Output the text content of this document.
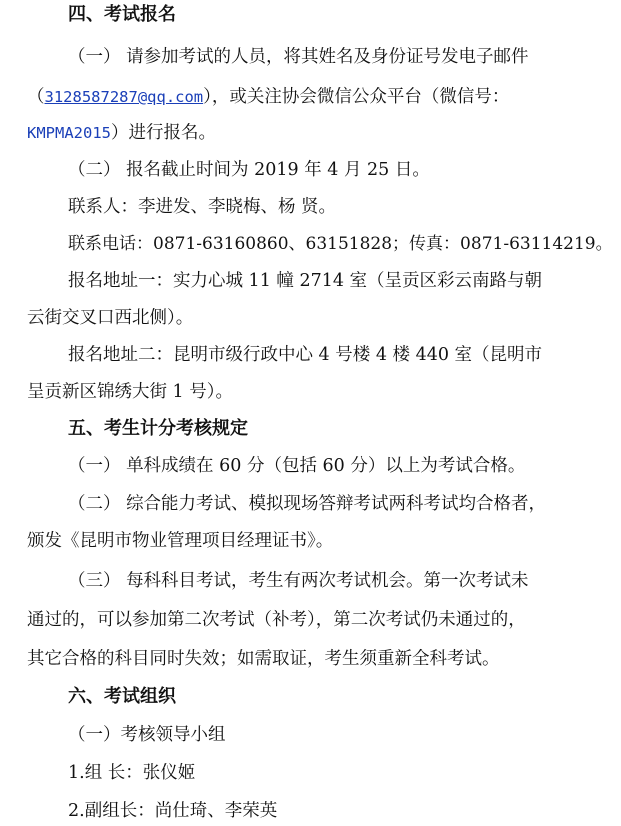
四、考试报名
（一） 请参加考试的人员，将其姓名及身份证号发电子邮件
（3128587287@qq.com），或关注协会微信公众平台（微信号：
KMPMA2015）进行报名。
（二） 报名截止时间为 2019 年 4 月 25 日。
联系人：李进发、李晓梅、杨 贤。
联系电话：0871-63160860、63151828；传真：0871-63114219。
报名地址一：实力心城 11 幢 2714 室（呈贡区彩云南路与朝
云街交叉口西北侧）。
报名地址二：昆明市级行政中心 4 号楼 4 楼 440 室（昆明市
呈贡新区锦绣大街 1 号）。
五、考生计分考核规定
（一） 单科成绩在 60 分（包括 60 分）以上为考试合格。
（二） 综合能力考试、模拟现场答辩考试两科考试均合格者，
颁发《昆明市物业管理项目经理证书》。
（三） 每科科目考试，考生有两次考试机会。第一次考试未
通过的，可以参加第二次考试（补考），第二次考试仍未通过的，
其它合格的科目同时失效；如需取证，考生须重新全科考试。
六、考试组织
（一）考核领导小组
1.组 长：张仪姬
2.副组长：尚仕琦、李荣英
